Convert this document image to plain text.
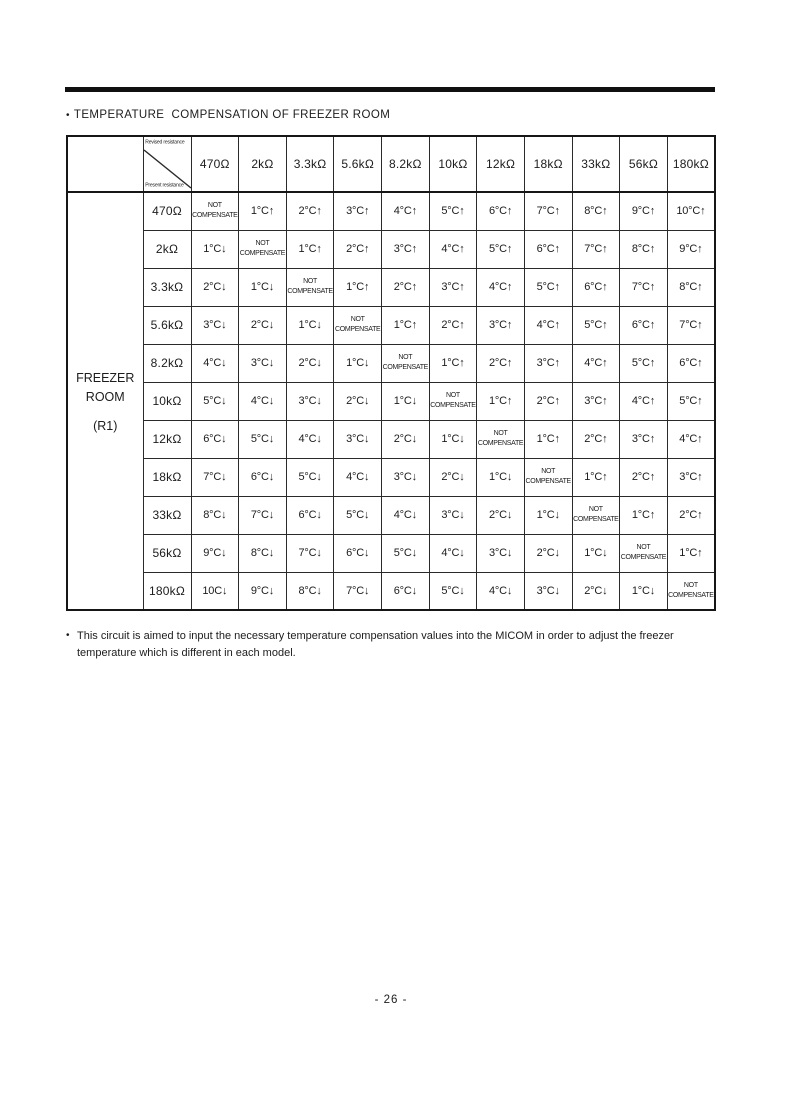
• TEMPERATURE  COMPENSATION OF FREEZER ROOM

	Revised resistance
Present resistance	470Ω	2kΩ	3.3kΩ	5.6kΩ	8.2kΩ	10kΩ	12kΩ	18kΩ	33kΩ	56kΩ	180kΩ

FREEZER ROOM
(R1)	470Ω	NOT COMPENSATE	1°C↑	2°C↑	3°C↑	4°C↑	5°C↑	6°C↑	7°C↑	8°C↑	9°C↑	10°C↑
	2kΩ	1°C↓	NOT COMPENSATE	1°C↑	2°C↑	3°C↑	4°C↑	5°C↑	6°C↑	7°C↑	8°C↑	9°C↑
	3.3kΩ	2°C↓	1°C↓	NOT COMPENSATE	1°C↑	2°C↑	3°C↑	4°C↑	5°C↑	6°C↑	7°C↑	8°C↑
	5.6kΩ	3°C↓	2°C↓	1°C↓	NOT COMPENSATE	1°C↑	2°C↑	3°C↑	4°C↑	5°C↑	6°C↑	7°C↑
	8.2kΩ	4°C↓	3°C↓	2°C↓	1°C↓	NOT COMPENSATE	1°C↑	2°C↑	3°C↑	4°C↑	5°C↑	6°C↑
	10kΩ	5°C↓	4°C↓	3°C↓	2°C↓	1°C↓	NOT COMPENSATE	1°C↑	2°C↑	3°C↑	4°C↑	5°C↑
	12kΩ	6°C↓	5°C↓	4°C↓	3°C↓	2°C↓	1°C↓	NOT COMPENSATE	1°C↑	2°C↑	3°C↑	4°C↑
	18kΩ	7°C↓	6°C↓	5°C↓	4°C↓	3°C↓	2°C↓	1°C↓	NOT COMPENSATE	1°C↑	2°C↑	3°C↑
	33kΩ	8°C↓	7°C↓	6°C↓	5°C↓	4°C↓	3°C↓	2°C↓	1°C↓	NOT COMPENSATE	1°C↑	2°C↑
	56kΩ	9°C↓	8°C↓	7°C↓	6°C↓	5°C↓	4°C↓	3°C↓	2°C↓	1°C↓	NOT COMPENSATE	1°C↑
	180kΩ	10C↓	9°C↓	8°C↓	7°C↓	6°C↓	5°C↓	4°C↓	3°C↓	2°C↓	1°C↓	NOT COMPENSATE
• This circuit is aimed to input the necessary temperature compensation values into the MICOM in order to adjust the freezer temperature which is different in each model.
- 26 -
